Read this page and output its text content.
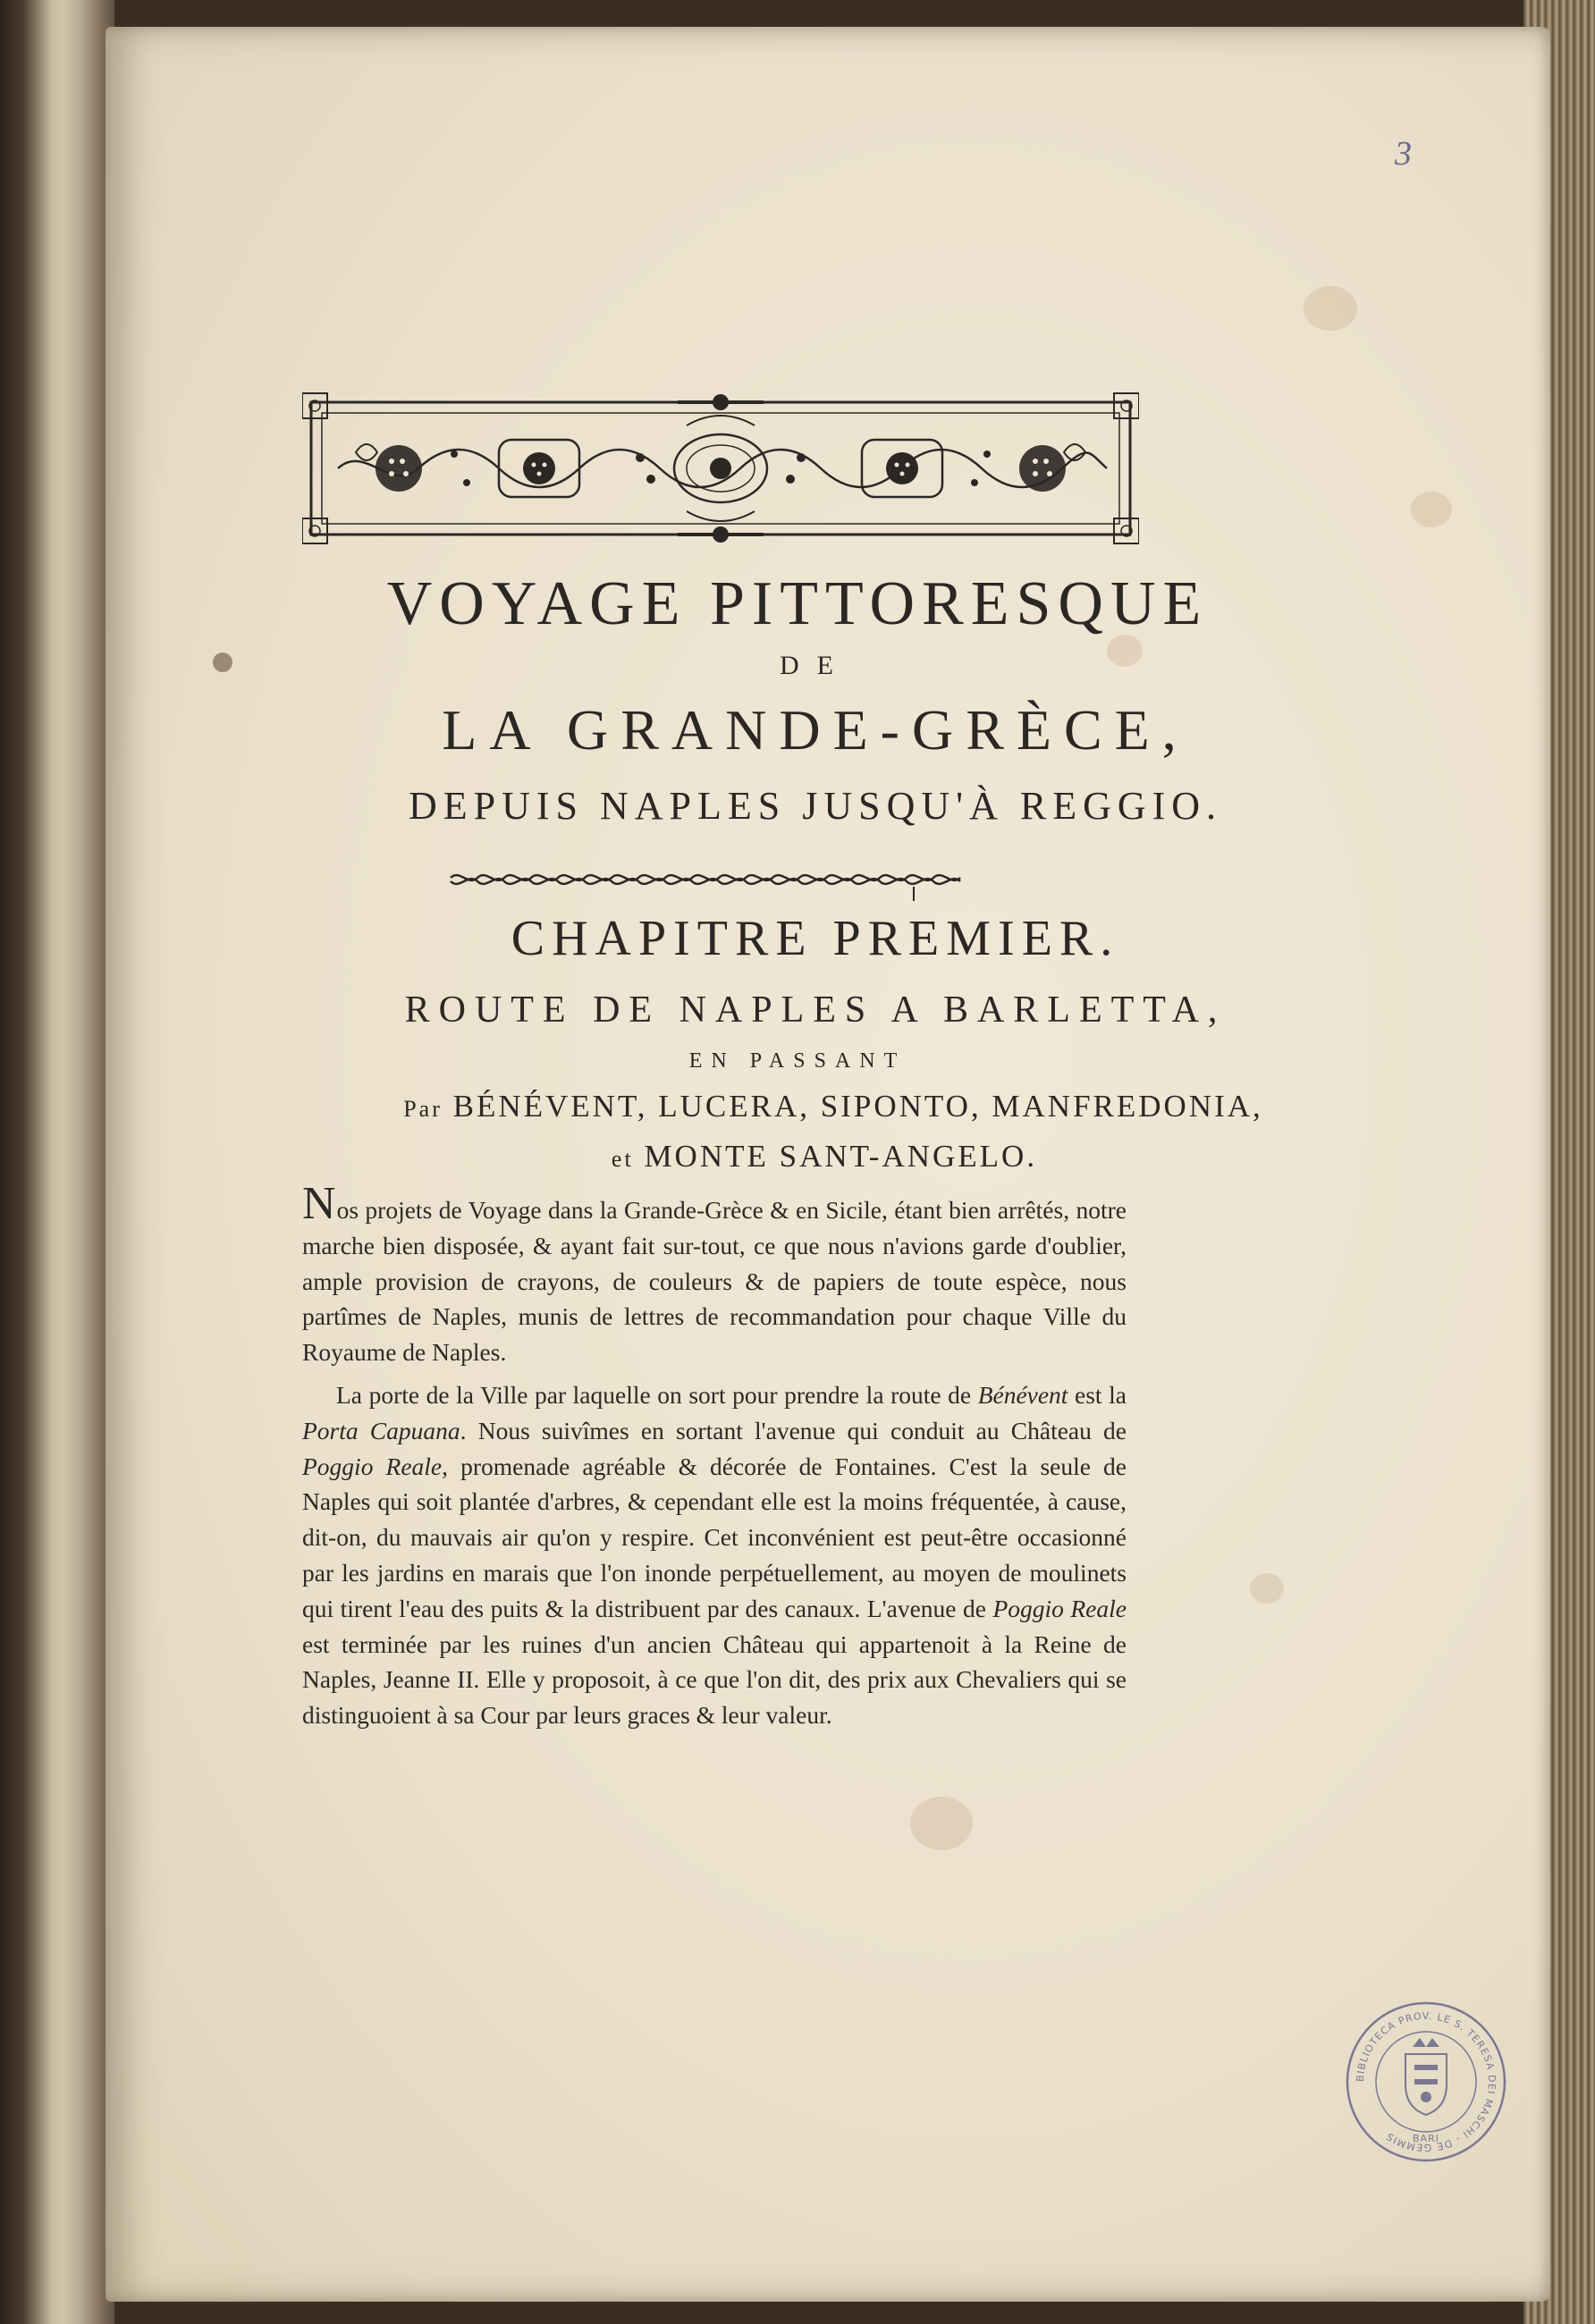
3
VOYAGE PITTORESQUE
DE
LA GRANDE-GRÈCE,
DEPUIS NAPLES JUSQU'À REGGIO.
CHAPITRE PREMIER.
ROUTE DE NAPLES A BARLETTA,
EN PASSANT
Par BÉNÉVENT, LUCERA, SIPONTO, MANFREDONIA,
et MONTE SANT-ANGELO.

Nos projets de Voyage dans la Grande-Grèce & en Sicile, étant bien arrêtés, notre marche bien disposée, & ayant fait sur-tout, ce que nous n'avions garde d'oublier, ample provision de crayons, de couleurs & de papiers de toute espèce, nous partîmes de Naples, munis de lettres de recommandation pour chaque Ville du Royaume de Naples.

La porte de la Ville par laquelle on sort pour prendre la route de Bénévent est la Porta Capuana. Nous suivîmes en sortant l'avenue qui conduit au Château de Poggio Reale, promenade agréable & décorée de Fontaines. C'est la seule de Naples qui soit plantée d'arbres, & cependant elle est la moins fréquentée, à cause, dit-on, du mauvais air qu'on y respire. Cet inconvénient est peut-être occasionné par les jardins en marais que l'on inonde perpétuellement, au moyen de moulinets qui tirent l'eau des puits & la distribuent par des canaux. L'avenue de Poggio Reale est terminée par les ruines d'un ancien Château qui appartenoit à la Reine de Naples, Jeanne II. Elle y proposoit, à ce que l'on dit, des prix aux Chevaliers qui se distinguoient à sa Cour par leurs graces & leur valeur.

BIBLIOTECA PROV. LE S. TERESA DEI MASCHI - DE GEMMIS	BARI
